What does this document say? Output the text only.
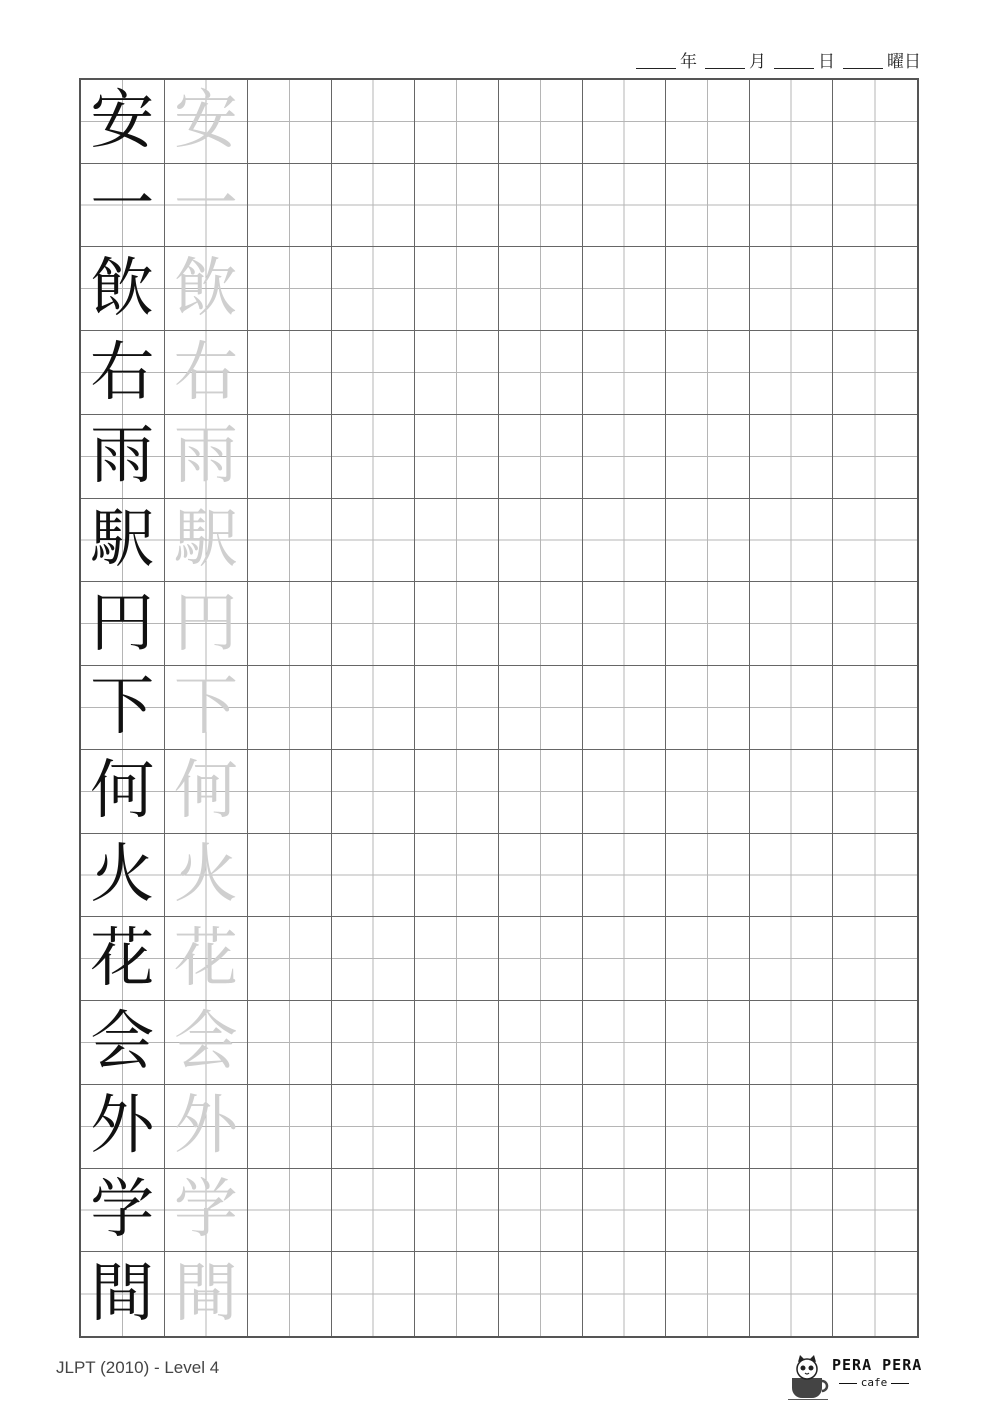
年	月	日	曜日
安 安
一 一
飲 飲
右 右
雨 雨
駅 駅
円 円
下 下
何 何
火 火
花 花
会 会
外 外
学 学
間 間
JLPT (2010) - Level 4	PERA PERA
cafe
